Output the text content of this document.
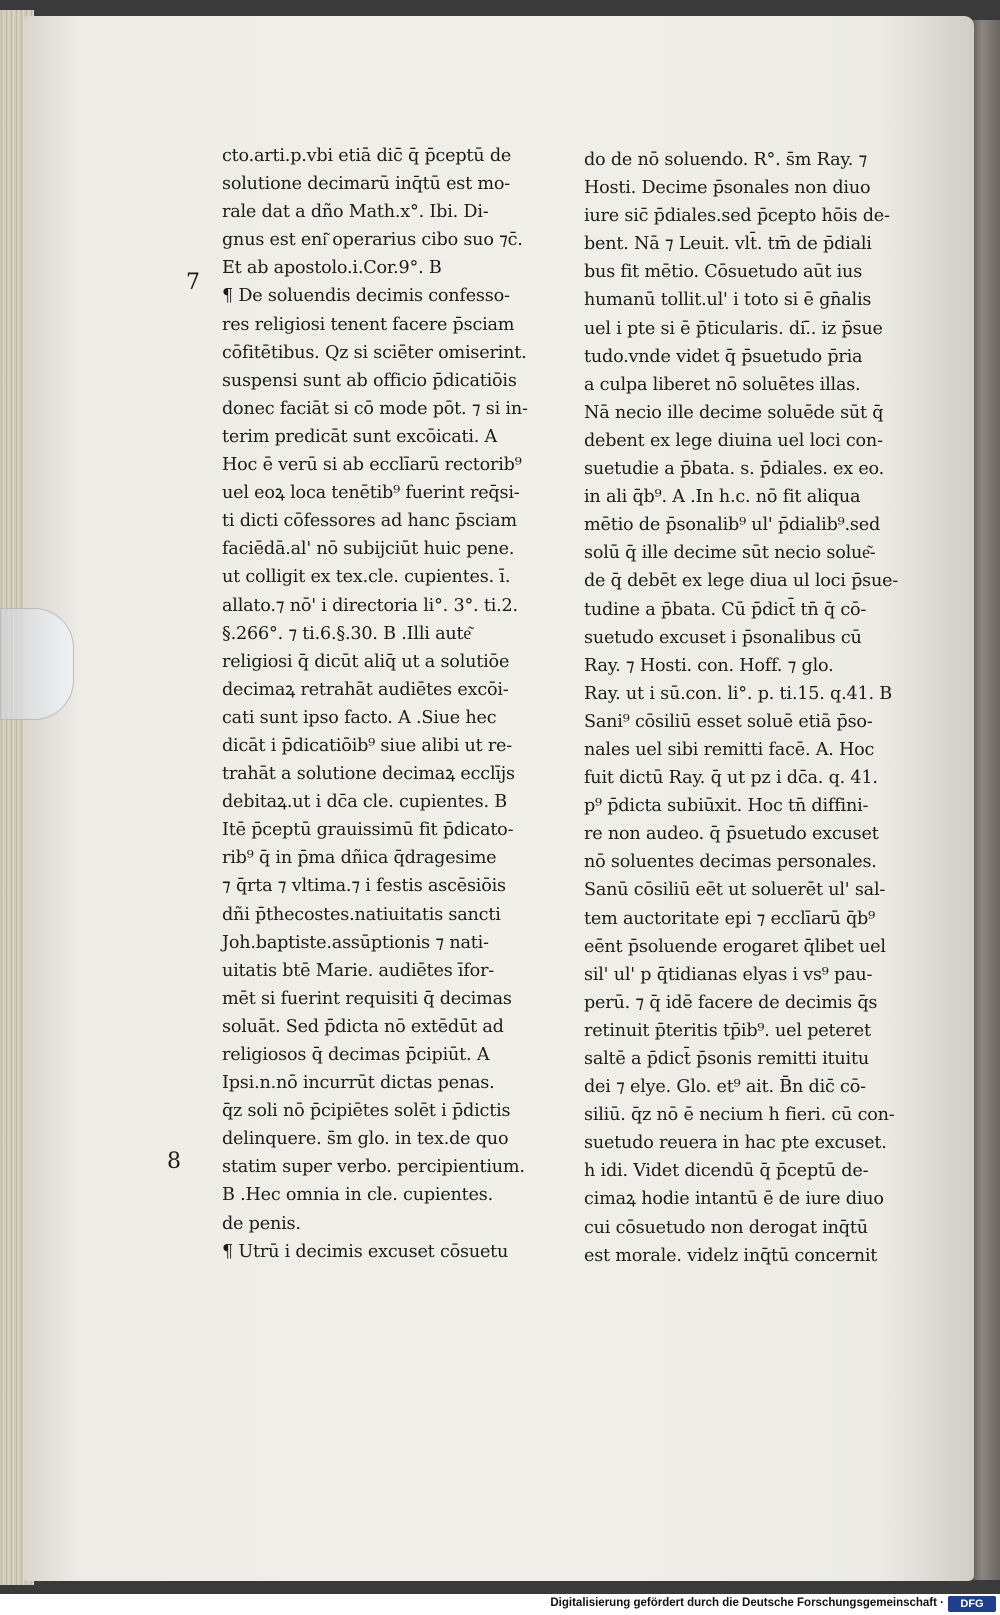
7
8
cto.arti.p.vbi etiā dic̄ q̄ p̄ceptū de
solutione decimarū inq̄tū est mo-
rale dat a dño Math.x°. Ibi. Di-
gnus est eni͂ operarius cibo suo ⁊c̄.
Et ab apostolo.i.Cor.9°. B
¶ De soluendis decimis confesso-
res religiosi tenent facere p̄sciam
cōfitētibus. Qz si sciēter omiserint.
suspensi sunt ab officio p̄dicatiōis
donec faciāt si cō mode pōt. ⁊ si in-
terim predicāt sunt excōicati. A
Hoc ē verū si ab ecclīarū rectorib⁹
uel eoꝝ loca tenētib⁹ fuerint req̄si-
ti dicti cōfessores ad hanc p̄sciam
faciēdā.al' nō subijciūt huic pene.
ut colligit ex tex.cle. cupientes. ī.
allato.⁊ nō' i directoria li°. 3°. ti.2.
§.266°. ⁊ ti.6.§.30. B .Illi aute͂
religiosi q̄ dicūt aliq̄ ut a solutiōe
decimaꝝ retrahāt audiētes excōi-
cati sunt ipso facto. A .Siue hec
dicāt i p̄dicatiōib⁹ siue alibi ut re-
trahāt a solutione decimaꝝ ecclījs
debitaꝝ.ut i dc̄a cle. cupientes. B
Itē p̄ceptū grauissimū fit p̄dicato-
rib⁹ q̄ in p̄ma dñica q̄dragesime
⁊ q̄rta ⁊ vltima.⁊ i festis ascēsiōis
dñi p̄thecostes.natiuitatis sancti
Joh.baptiste.assūptionis ⁊ nati-
uitatis btē Marie. audiētes īfor-
mēt si fuerint requisiti q̄ decimas
soluāt. Sed p̄dicta nō extēdūt ad
religiosos q̄ decimas p̄cipiūt. A
Ipsi.n.nō incurrūt dictas penas.
q̄z soli nō p̄cipiētes solēt i p̄dictis
delinquere. s̄m glo. in tex.de quo
statim super verbo. percipientium.
B .Hec omnia in cle. cupientes.
de penis.
¶ Utrū i decimis excuset cōsuetu
do de nō soluendo. R°. s̄m Ray. ⁊
Hosti. Decime p̄sonales non diuo
iure sic̄ p̄diales.sed p̄cepto hōis de-
bent. Nā ⁊ Leuit. vlt̄. tm̄ de p̄diali
bus fit mētio. Cōsuetudo aūt ius
humanū tollit.ul' i toto si ē gn̄alis
uel i pte si ē p̄ticularis. di.̄. iz p̄sue
tudo.vnde videt q̄ p̄suetudo p̄ria
a culpa liberet nō soluētes illas.
Nā necio ille decime soluēde sūt q̄
debent ex lege diuina uel loci con-
suetudie a p̄bata. s. p̄diales. ex eo.
in ali q̄b⁹. A .In h.c. nō fit aliqua
mētio de p̄sonalib⁹ ul' p̄dialib⁹.sed
solū q̄ ille decime sūt necio solue͂-
de q̄ debēt ex lege diua ul loci p̄sue-
tudine a p̄bata. Cū p̄dict̄ tn̄ q̄ cō-
suetudo excuset i p̄sonalibus cū
Ray. ⁊ Hosti. con. Hoff. ⁊ glo.
Ray. ut i sū.con. li°. p. ti.15. q.41. B
Sani⁹ cōsiliū esset soluē etiā p̄so-
nales uel sibi remitti facē. A. Hoc
fuit dictū Ray. q̄ ut pz i dc̄a. q. 41.
p⁹ p̄dicta subiūxit. Hoc tn̄ diffini-
re non audeo. q̄ p̄suetudo excuset
nō soluentes decimas personales.
Sanū cōsiliū eēt ut soluerēt ul' sal-
tem auctoritate epi ⁊ ecclīarū q̄b⁹
eēnt p̄soluende erogaret q̄libet uel
sil' ul' p q̄tidianas elyas i vs⁹ pau-
perū. ⁊ q̄ idē facere de decimis q̄s
retinuit p̄teritis tp̄ib⁹. uel peteret
saltē a p̄dict̄ p̄sonis remitti ituitu
dei ⁊ elye. Glo. et⁹ ait. B̄n dic̄ cō-
siliū. q̄z nō ē necium h fieri. cū con-
suetudo reuera in hac pte excuset.
h idi. Videt dicendū q̄ p̄ceptū de-
cimaꝝ hodie intantū ē de iure diuo
cui cōsuetudo non derogat inq̄tū
est morale. videlz inq̄tū concernit
Digitalisierung gefördert durch die Deutsche Forschungsgemeinschaft ·	DFG
